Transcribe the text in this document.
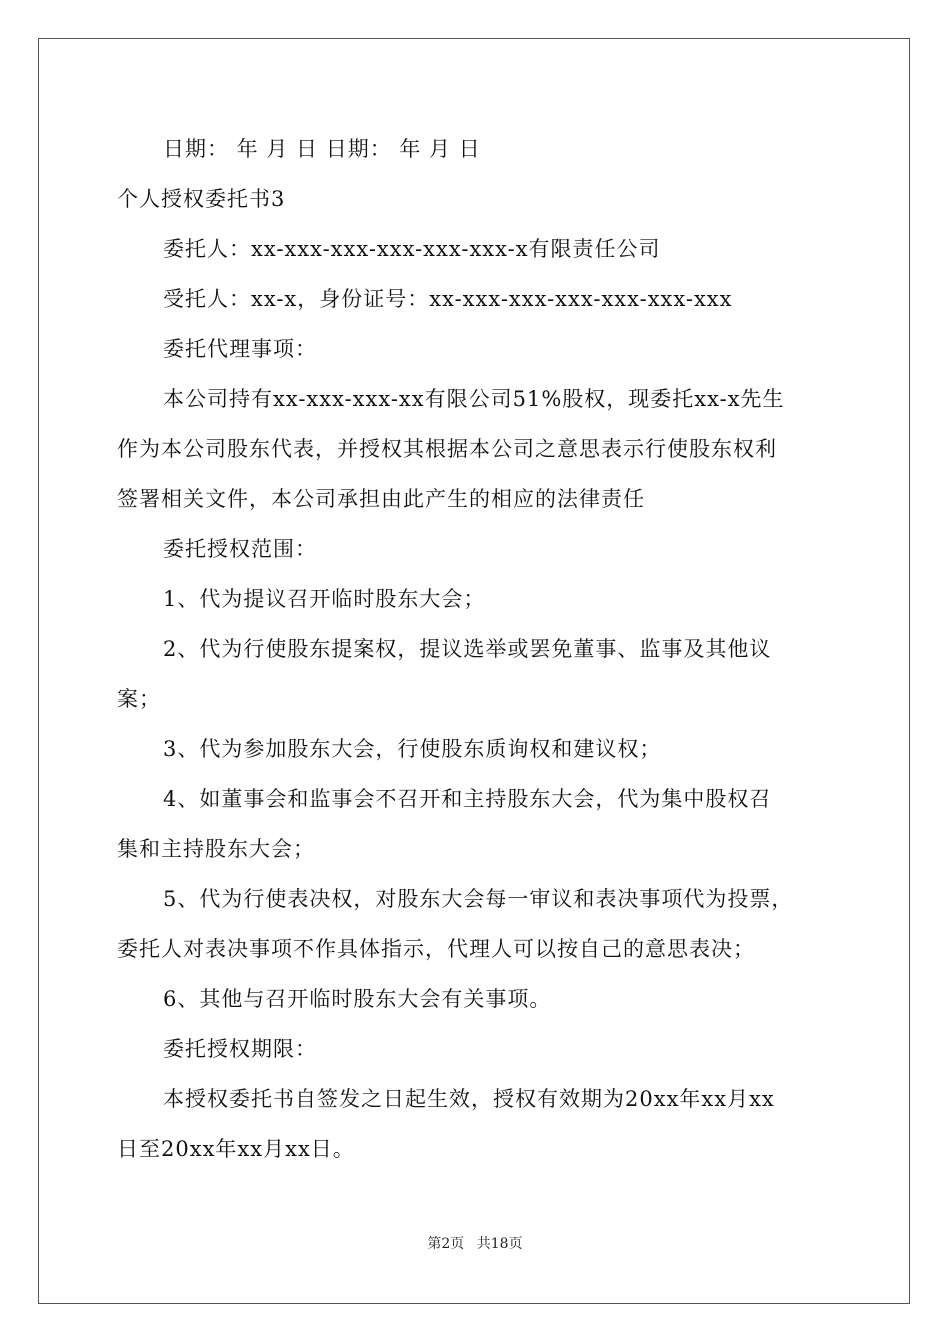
日期： 年 月 日 日期： 年 月 日
个人授权委托书3
委托人：xx-xxx-xxx-xxx-xxx-xxx-x有限责任公司
受托人：xx-x，身份证号：xx-xxx-xxx-xxx-xxx-xxx-xxx
委托代理事项：
本公司持有xx-xxx-xxx-xx有限公司51%股权，现委托xx-x先生
作为本公司股东代表，并授权其根据本公司之意思表示行使股东权利
签署相关文件，本公司承担由此产生的相应的法律责任
委托授权范围：
1、代为提议召开临时股东大会；
2、代为行使股东提案权，提议选举或罢免董事、监事及其他议
案；
3、代为参加股东大会，行使股东质询权和建议权；
4、如董事会和监事会不召开和主持股东大会，代为集中股权召
集和主持股东大会；
5、代为行使表决权，对股东大会每一审议和表决事项代为投票，
委托人对表决事项不作具体指示，代理人可以按自己的意思表决；
6、其他与召开临时股东大会有关事项。
委托授权期限：
本授权委托书自签发之日起生效，授权有效期为20xx年xx月xx
日至20xx年xx月xx日。
第2页 共18页
